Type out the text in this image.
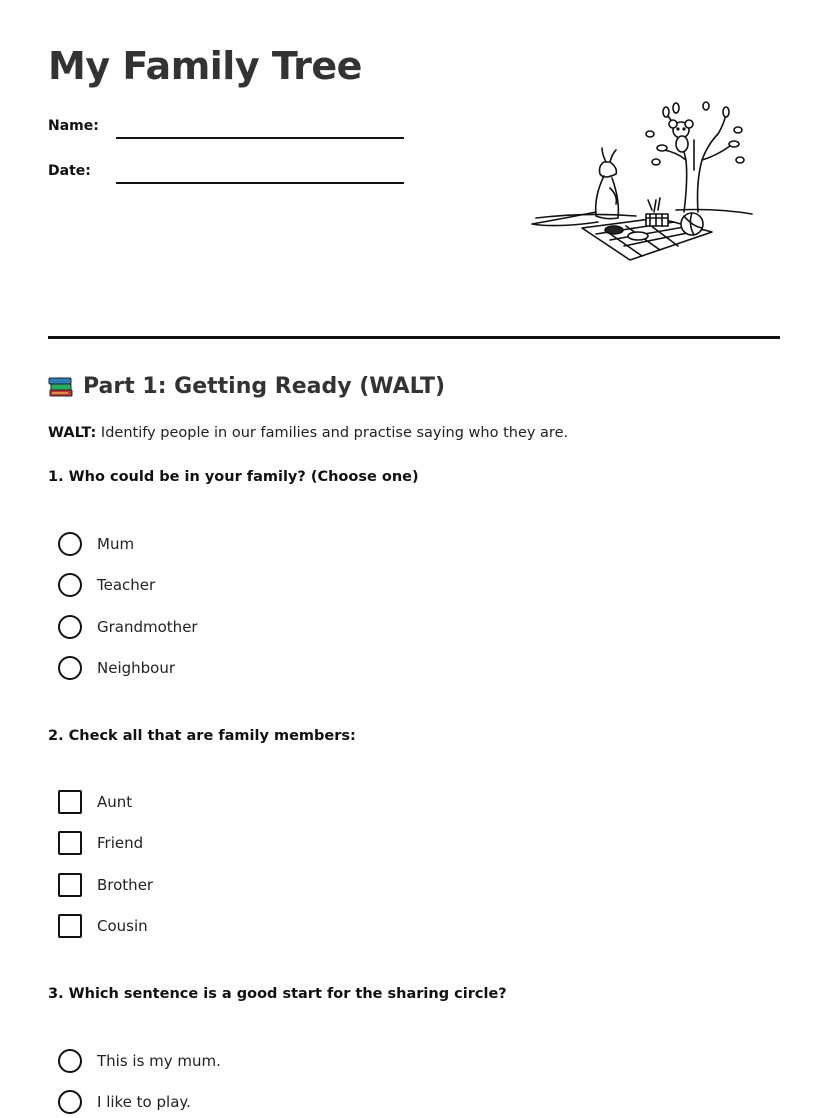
My Family Tree
Name:
Date:
Part 1: Getting Ready (WALT)
WALT: Identify people in our families and practise saying who they are.
1. Who could be in your family? (Choose one)
Mum
Teacher
Grandmother
Neighbour
2. Check all that are family members:
Aunt
Friend
Brother
Cousin
3. Which sentence is a good start for the sharing circle?
This is my mum.
I like to play.
